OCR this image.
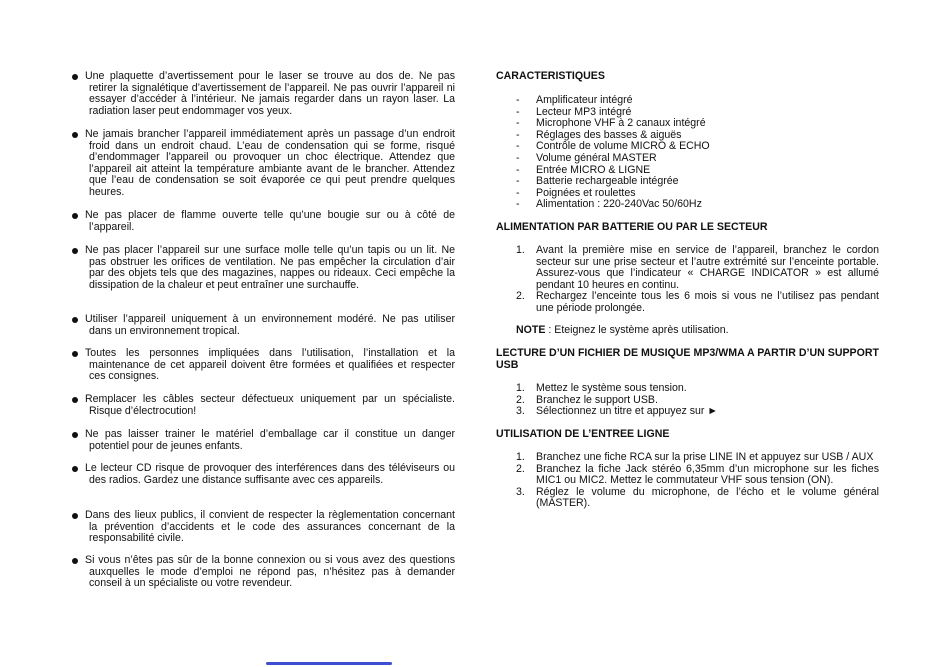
Une plaquette d’avertissement pour le laser se trouve au dos de. Ne pas retirer la signalétique d’avertissement de l’appareil. Ne pas ouvrir l’appareil ni essayer d’accéder à l’intérieur. Ne jamais regarder dans un rayon laser. La radiation laser peut endommager vos yeux.
Ne jamais brancher l’appareil immédiatement après un passage d’un endroit froid dans un endroit chaud. L’eau de condensation qui se forme, risqué d’endommager l’appareil ou provoquer un choc électrique. Attendez que l’appareil ait atteint la température ambiante avant de le brancher. Attendez que l’eau de condensation se soit évaporée ce qui peut prendre quelques heures.
Ne pas placer de flamme ouverte telle qu’une bougie sur ou à côté de l’appareil.
Ne pas placer l’appareil sur une surface molle telle qu’un tapis ou un lit. Ne pas obstruer les orifices de ventilation. Ne pas empêcher la circulation d’air par des objets tels que des magazines, nappes ou rideaux. Ceci empêche la dissipation de la chaleur et peut entraîner une surchauffe.
Utiliser l’appareil uniquement à un environnement modéré. Ne pas utiliser dans un environnement tropical.
Toutes les personnes impliquées dans l’utilisation, l’installation et la maintenance de cet appareil doivent être formées et qualifiées et respecter ces consignes.
Remplacer les câbles secteur défectueux uniquement par un spécialiste. Risque d’électrocution!
Ne pas laisser trainer le matériel d’emballage car il constitue un danger potentiel pour de jeunes enfants.
Le lecteur CD risque de provoquer des interférences dans des téléviseurs ou des radios. Gardez une distance suffisante avec ces appareils.
Dans des lieux publics, il convient de respecter la règlementation concernant la prévention d’accidents et le code des assurances concernant de la responsabilité civile.
Si vous n’êtes pas sûr de la bonne connexion ou si vous avez des questions auxquelles le mode d’emploi ne répond pas, n’hésitez pas à demander conseil à un spécialiste ou votre revendeur.
CARACTERISTIQUES
- Amplificateur intégré
- Lecteur MP3 intégré
- Microphone VHF à 2 canaux intégré
- Réglages des basses & aiguës
- Contrôle de volume MICRO & ECHO
- Volume général MASTER
- Entrée MICRO & LIGNE
- Batterie rechargeable intégrée
- Poignées et roulettes
- Alimentation : 220-240Vac 50/60Hz
ALIMENTATION PAR BATTERIE OU PAR LE SECTEUR
1. Avant la première mise en service de l’appareil, branchez le cordon secteur sur une prise secteur et l’autre extrémité sur l’enceinte portable. Assurez-vous que l’indicateur « CHARGE INDICATOR » est allumé pendant 10 heures en continu.
2. Rechargez l’enceinte tous les 6 mois si vous ne l’utilisez pas pendant une période prolongée.
NOTE : Eteignez le système après utilisation.
LECTURE D’UN FICHIER DE MUSIQUE MP3/WMA A PARTIR D’UN SUPPORT USB
1. Mettez le système sous tension.
2. Branchez le support USB.
3. Sélectionnez un titre et appuyez sur ►
UTILISATION DE L’ENTREE LIGNE
1. Branchez une fiche RCA sur la prise LINE IN et appuyez sur USB / AUX
2. Branchez la fiche Jack stéréo 6,35mm d’un microphone sur les fiches MIC1 ou MIC2. Mettez le commutateur VHF sous tension (ON).
3. Réglez le volume du microphone, de l’écho et le volume général (MASTER).
